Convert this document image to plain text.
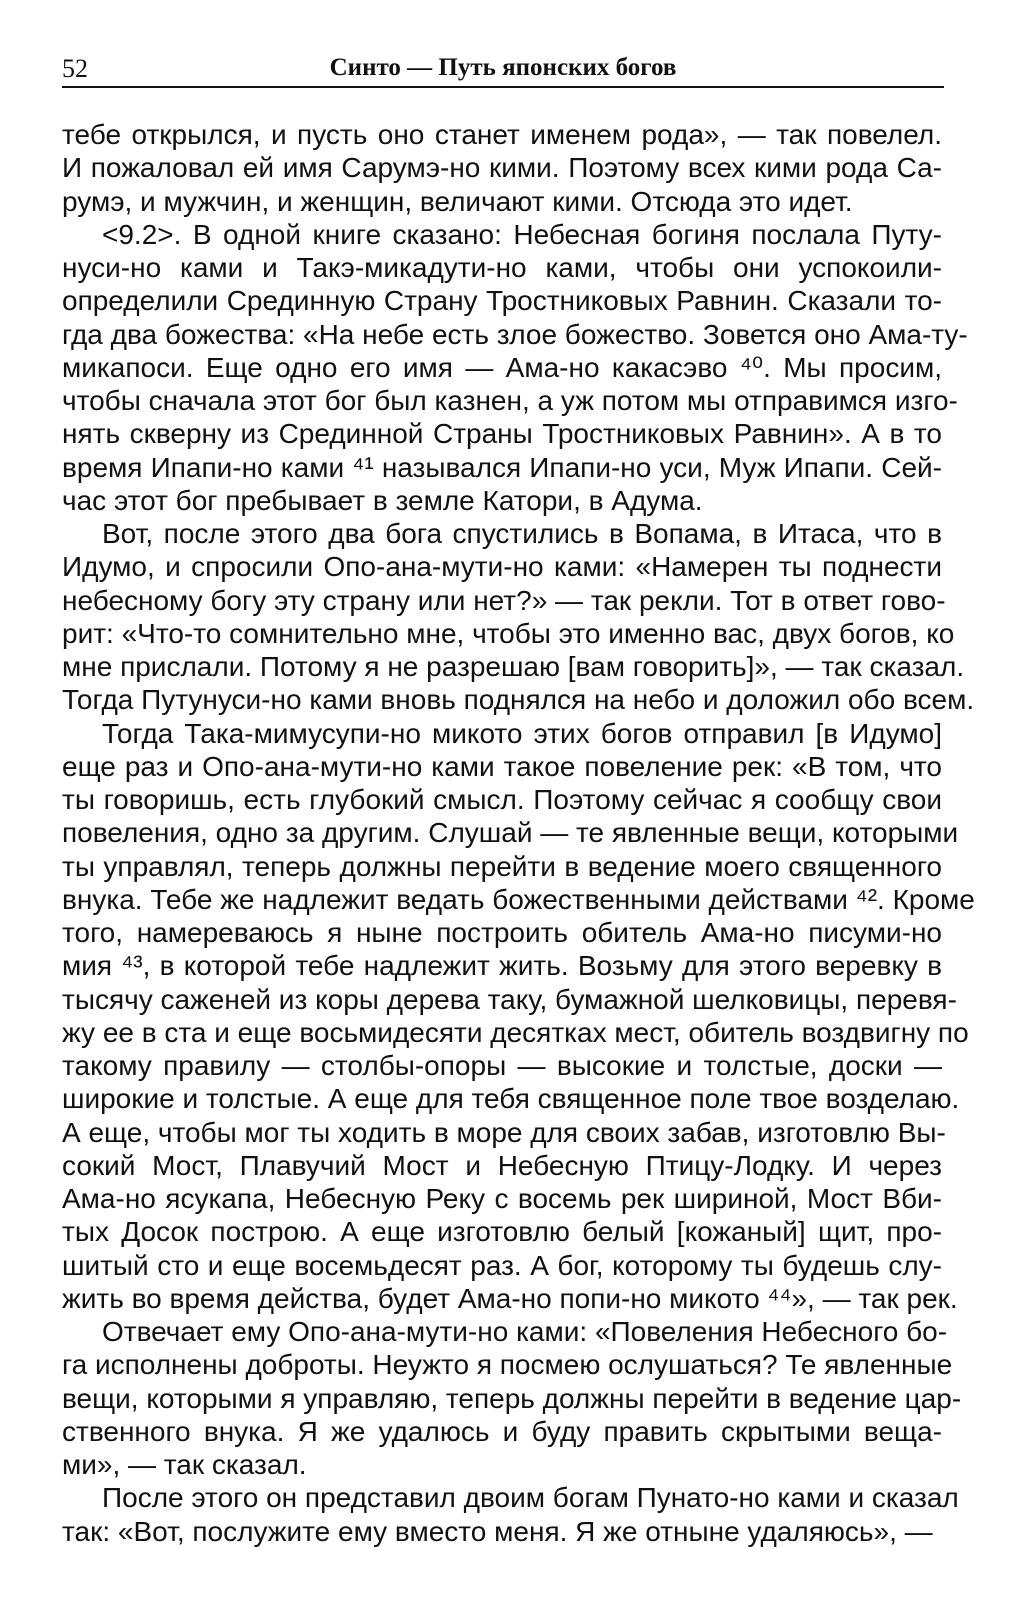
52	Синто — Путь японских богов
тебе открылся, и пусть оно станет именем рода», — так повелел.
И пожаловал ей имя Сарумэ-но кими. Поэтому всех кими рода Са-
румэ, и мужчин, и женщин, величают кими. Отсюда это идет.
<9.2>. В одной книге сказано: Небесная богиня послала Путу-
нуси-но ками и Такэ-микадути-но ками, чтобы они успокоили-
определили Срединную Страну Тростниковых Равнин. Сказали то-
гда два божества: «На небе есть злое божество. Зовется оно Ама-ту-
микапоси. Еще одно его имя — Ама-но какасэво ⁴⁰. Мы просим,
чтобы сначала этот бог был казнен, а уж потом мы отправимся изго-
нять скверну из Срединной Страны Тростниковых Равнин». А в то
время Ипапи-но ками ⁴¹ назывался Ипапи-но уси, Муж Ипапи. Сей-
час этот бог пребывает в земле Катори, в Адума.
Вот, после этого два бога спустились в Вопама, в Итаса, что в
Идумо, и спросили Опо-ана-мути-но ками: «Намерен ты поднести
небесному богу эту страну или нет?» — так рекли. Тот в ответ гово-
рит: «Что-то сомнительно мне, чтобы это именно вас, двух богов, ко
мне прислали. Потому я не разрешаю [вам говорить]», — так сказал.
Тогда Путунуси-но ками вновь поднялся на небо и доложил обо всем.
Тогда Така-мимусупи-но микото этих богов отправил [в Идумо]
еще раз и Опо-ана-мути-но ками такое повеление рек: «В том, что
ты говоришь, есть глубокий смысл. Поэтому сейчас я сообщу свои
повеления, одно за другим. Слушай — те явленные вещи, которыми
ты управлял, теперь должны перейти в ведение моего священного
внука. Тебе же надлежит ведать божественными действами ⁴². Кроме
того, намереваюсь я ныне построить обитель Ама-но писуми-но
мия ⁴³, в которой тебе надлежит жить. Возьму для этого веревку в
тысячу саженей из коры дерева таку, бумажной шелковицы, перевя-
жу ее в ста и еще восьмидесяти десятках мест, обитель воздвигну по
такому правилу — столбы-опоры — высокие и толстые, доски —
широкие и толстые. А еще для тебя священное поле твое возделаю.
А еще, чтобы мог ты ходить в море для своих забав, изготовлю Вы-
сокий Мост, Плавучий Мост и Небесную Птицу-Лодку. И через
Ама-но ясукапа, Небесную Реку с восемь рек шириной, Мост Вби-
тых Досок построю. А еще изготовлю белый [кожаный] щит, про-
шитый сто и еще восемьдесят раз. А бог, которому ты будешь слу-
жить во время действа, будет Ама-но попи-но микото ⁴⁴», — так рек.
Отвечает ему Опо-ана-мути-но ками: «Повеления Небесного бо-
га исполнены доброты. Неужто я посмею ослушаться? Те явленные
вещи, которыми я управляю, теперь должны перейти в ведение цар-
ственного внука. Я же удалюсь и буду править скрытыми веща-
ми», — так сказал.
После этого он представил двоим богам Пунато-но ками и сказал
так: «Вот, послужите ему вместо меня. Я же отныне удаляюсь», —
